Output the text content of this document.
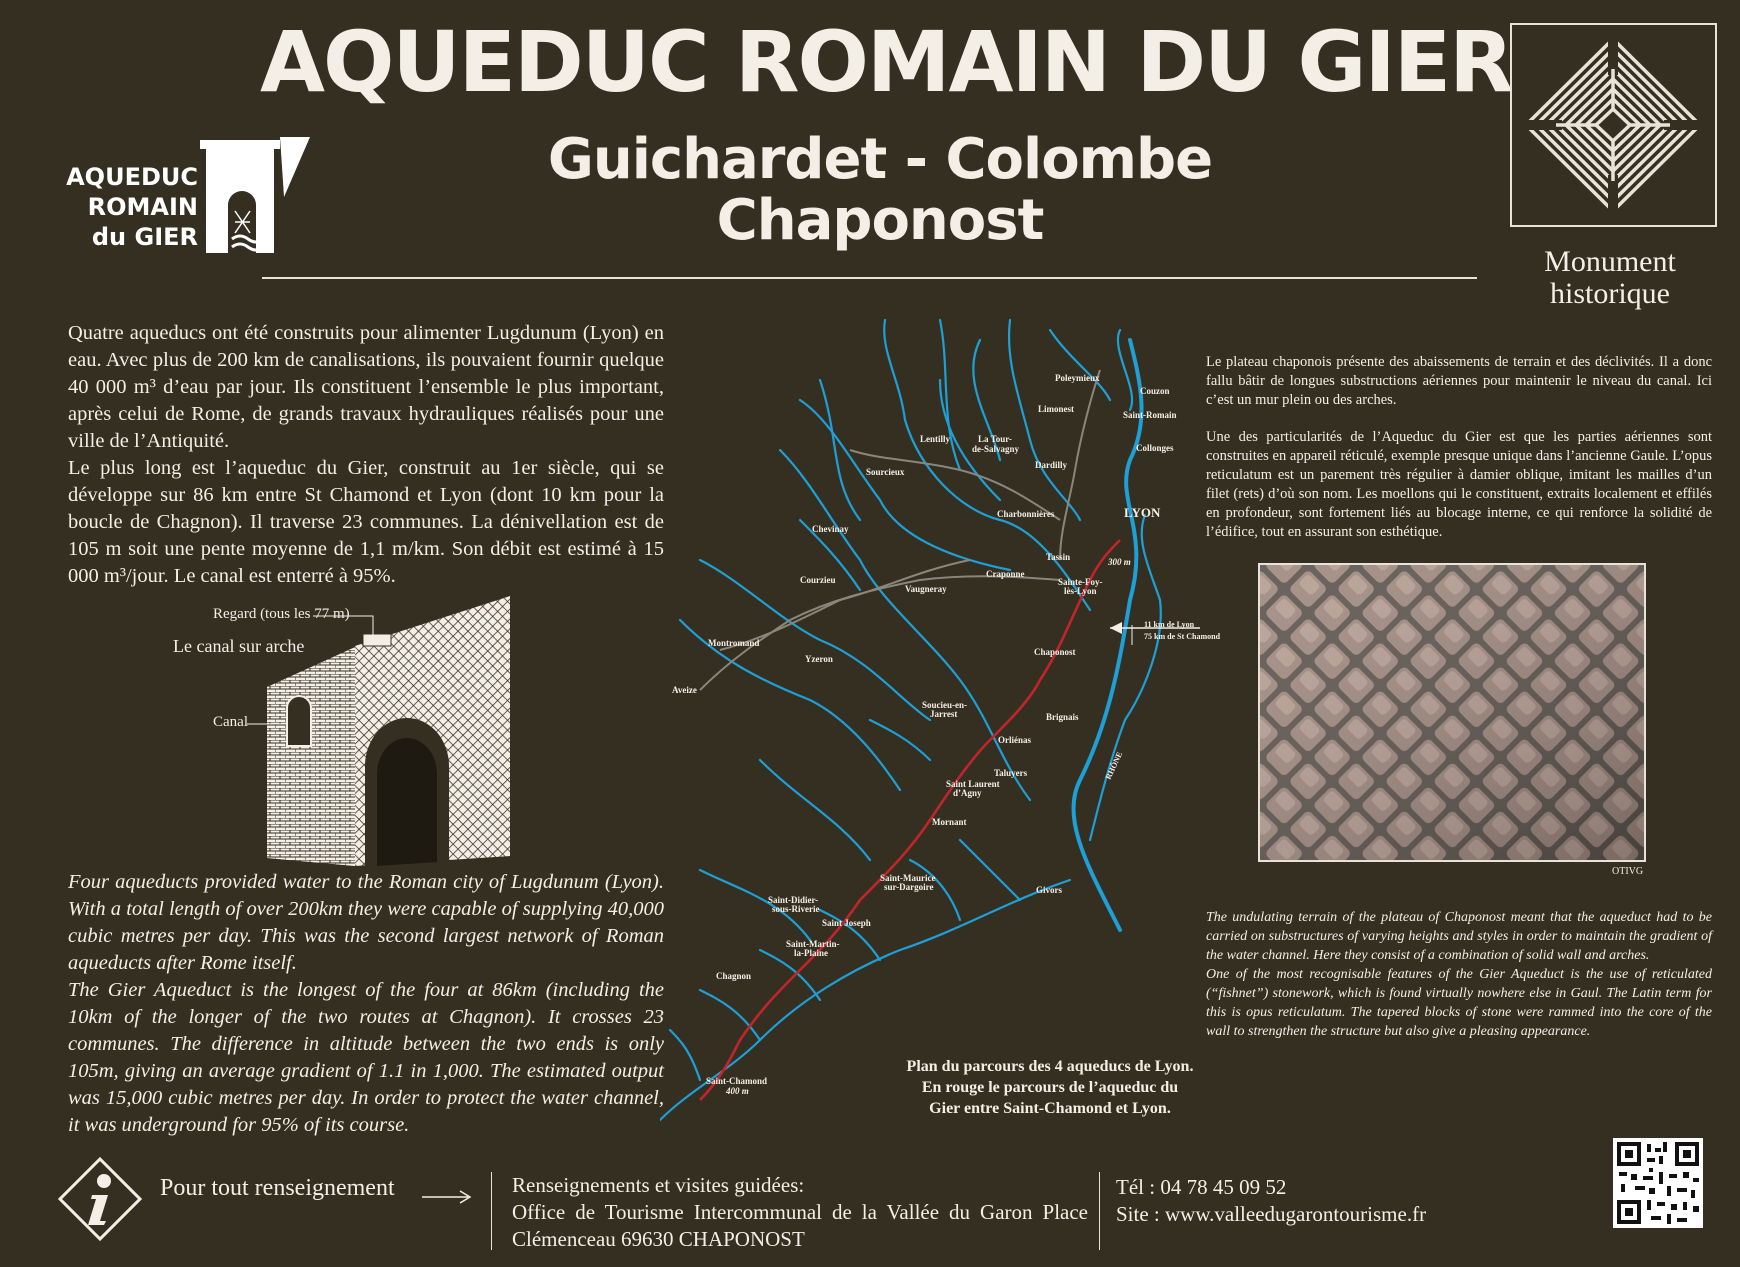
AQUEDUC ROMAIN DU GIER
Guichardet - Colombe
Chaponost
AQUEDUC
ROMAIN
du GIER
Monument
historique

Quatre aqueducs ont été construits pour alimenter Lugdunum (Lyon) en eau. Avec plus de 200 km de canalisations, ils pouvaient fournir quelque 40 000 m³ d’eau par jour. Ils constituent l’ensemble le plus important, après celui de Rome, de grands travaux hydrauliques réalisés pour une ville de l’Antiquité.

Le plus long est l’aqueduc du Gier, construit au 1er siècle, qui se développe sur 86 km entre St Chamond et Lyon (dont 10 km pour la boucle de Chagnon). Il traverse 23 communes. La dénivellation est de 105 m soit une pente moyenne de 1,1 m/km. Son débit est estimé à 15 000 m³/jour. Le canal est enterré à 95%.

Regard (tous les 77 m)
Le canal sur arche
Canal

Four aqueducts provided water to the Roman city of Lugdunum (Lyon). With a total length of over 200km they were capable of supplying 40,000 cubic metres per day. This was the second largest network of Roman aqueducts after Rome itself.

The Gier Aqueduct is the longest of the four at 86km (including the 10km of the longer of the two routes at Chagnon). It crosses 23 communes. The difference in altitude between the two ends is only 105m, giving an average gradient of 1.1 in 1,000. The estimated output was 15,000 cubic metres per day. In order to protect the water channel, it was underground for 95% of its course.

Poleymieux
Couzon
Limonest
Saint-Romain
Lentilly	La Tour-
de-Salvagny	Collonges
Dardilly
Sourcieux
Charbonnières	LYON
Chevinay
Tassin	300 m
Craponne
Courzieu	Sainte-Foy-
lès-Lyon
Vaugneray
11 km de Lyon
75 km de St Chamond
Montromand
Chaponost
Yzeron
Aveize
Soucieu-en-
Jarrest	Brignais
Orliénas
RHÔNE
Taluyers
Saint Laurent
d’Agny
Mornant
Saint-Maurice
sur-Dargoire	Givors
Saint-Didier-
sous-Riverie
Saint Joseph
Saint-Martin-
la-Plaine
Chagnon
Saint-Chamond
400 m
Plan du parcours des 4 aqueducs de Lyon.
En rouge le parcours de l’aqueduc du
Gier entre Saint-Chamond et Lyon.

Le plateau chaponois présente des abaissements de terrain et des déclivités. Il a donc fallu bâtir de longues substructions aériennes pour maintenir le niveau du canal. Ici c’est un mur plein ou des arches.

Une des particularités de l’Aqueduc du Gier est que les parties aériennes sont construites en appareil réticulé, exemple presque unique dans l’ancienne Gaule. L’opus reticulatum est un parement très régulier à damier oblique, imitant les mailles d’un filet (rets) d’où son nom. Les moellons qui le constituent, extraits localement et effilés en profondeur, sont fortement liés au blocage interne, ce qui renforce la solidité de l’édifice, tout en assurant son esthétique.

OTIVG

The undulating terrain of the plateau of Chaponost meant that the aqueduct had to be carried on substructures of varying heights and styles in order to maintain the gradient of the water channel. Here they consist of a combination of solid wall and arches.

One of the most recognisable features of the Gier Aqueduct is the use of reticulated (“fishnet”) stonework, which is found virtually nowhere else in Gaul. The Latin term for this is opus reticulatum. The tapered blocks of stone were rammed into the core of the wall to strengthen the structure but also give a pleasing appearance.

Pour tout renseignement	Renseignements et visites guidées:
Office de Tourisme Intercommunal de la Vallée du Garon Place
Clémenceau 69630 CHAPONOST
Tél : 04 78 45 09 52
Site : www.valleedugarontourisme.fr
